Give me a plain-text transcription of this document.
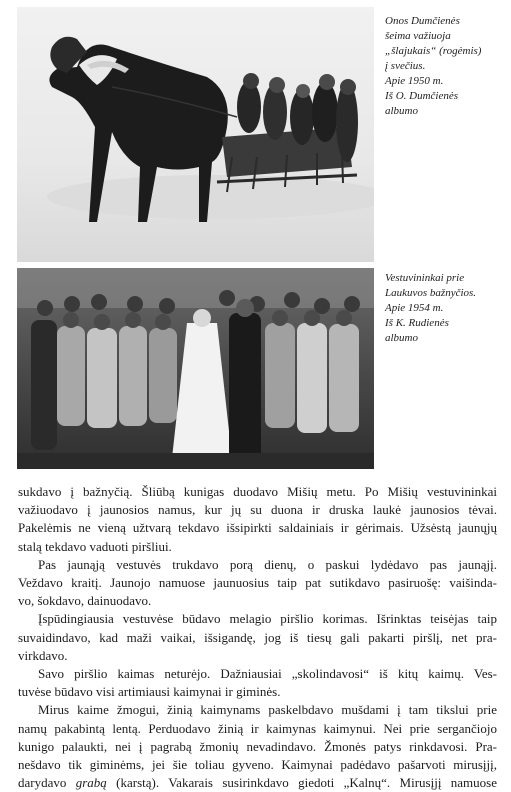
Onos Dumčienės
šeima važiuoja
„šlajukais“ (rogėmis)
į svečius.
Apie 1950 m.
Iš O. Dumčienės
albumo
Vestuvininkai prie
Laukuvos bažnyčios.
Apie 1954 m.
Iš K. Rudienės
albumo
sukdavo į bažnyčią. Šliūbą kunigas duodavo Mišių metu. Po Mišių vestuvininkai
važiuodavo į jaunosios namus, kur jų su duona ir druska laukė jaunosios tėvai.
Pakelėmis ne vieną užtvarą tekdavo išsipirkti saldainiais ir gėrimais. Užsėstą jaunųjų
stalą tekdavo vaduoti piršliui.
Pas jaunąją vestuvės trukdavo porą dienų, o paskui lydėdavo pas jaunąjį.
Veždavo kraitį. Jaunojo namuose jaunuosius taip pat sutikdavo pasiruošę: vaišinda-
vo, šokdavo, dainuodavo.
Įspūdingiausia vestuvėse būdavo melagio piršlio korimas. Išrinktas teisėjas taip
suvaidindavo, kad maži vaikai, išsigandę, jog iš tiesų gali pakarti piršlį, net pra-
virkdavo.
Savo piršlio kaimas neturėjo. Dažniausiai „skolindavosi“ iš kitų kaimų. Ves-
tuvėse būdavo visi artimiausi kaimynai ir giminės.
Mirus kaime žmogui, žinią kaimynams paskelbdavo mušdami į tam tikslui prie
namų pakabintą lentą. Perduodavo žinią ir kaimynas kaimynui. Nei prie sergančiojo
kunigo palaukti, nei į pagrabą žmonių nevadindavo. Žmonės patys rinkdavosi. Pra-
nešdavo tik giminėms, jei šie toliau gyveno. Kaimynai padėdavo pašarvoti mirusįjį,
darydavo grabą (karstą). Vakarais susirinkdavo giedoti „Kalnų“. Mirusįjį namuose
